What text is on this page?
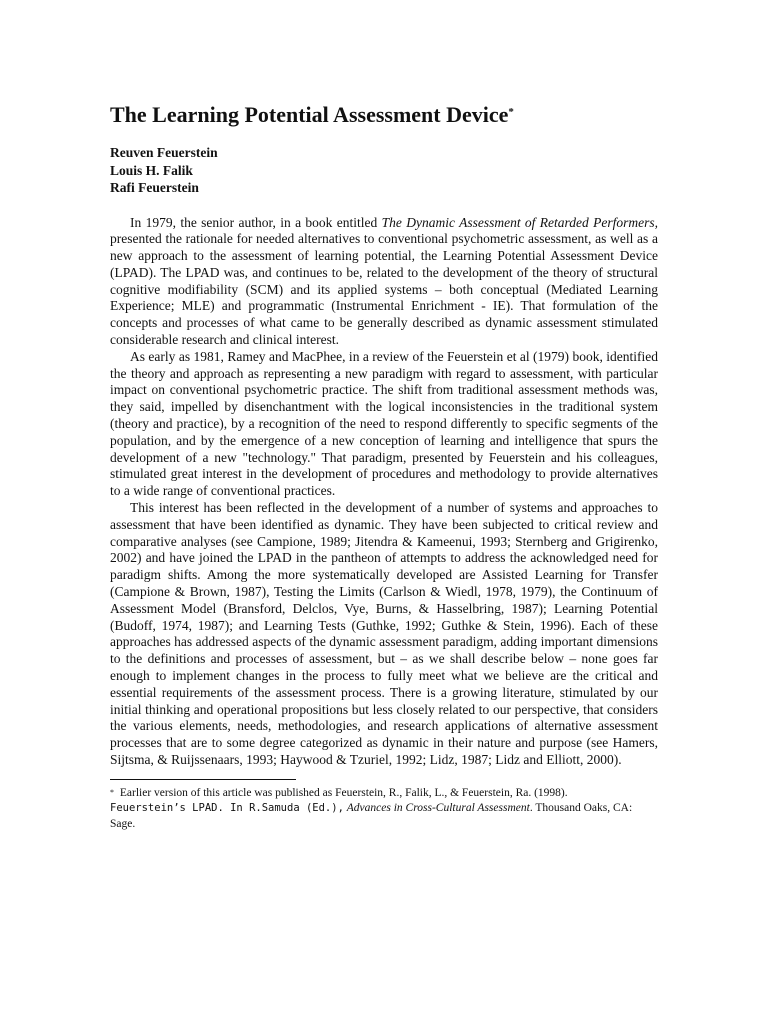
The Learning Potential Assessment Device*
Reuven Feuerstein
Louis H. Falik
Rafi Feuerstein

In 1979, the senior author, in a book entitled The Dynamic Assessment of Retarded Performers, presented the rationale for needed alternatives to conventional psychometric assessment, as well as a new approach to the assessment of learning potential, the Learning Potential Assessment Device (LPAD). The LPAD was, and continues to be, related to the development of the theory of structural cognitive modifiability (SCM) and its applied systems – both conceptual (Mediated Learning Experience; MLE) and programmatic (Instrumental Enrichment - IE). That formulation of the concepts and processes of what came to be generally described as dynamic assessment stimulated considerable research and clinical interest.

As early as 1981, Ramey and MacPhee, in a review of the Feuerstein et al (1979) book, identified the theory and approach as representing a new paradigm with regard to assessment, with particular impact on conventional psychometric practice. The shift from traditional assessment methods was, they said, impelled by disenchantment with the logical inconsistencies in the traditional system (theory and practice), by a recognition of the need to respond differently to specific segments of the population, and by the emergence of a new conception of learning and intelligence that spurs the development of a new "technology." That paradigm, presented by Feuerstein and his colleagues, stimulated great interest in the development of procedures and methodology to provide alternatives to a wide range of conventional practices.

This interest has been reflected in the development of a number of systems and approaches to assessment that have been identified as dynamic. They have been subjected to critical review and comparative analyses (see Campione, 1989; Jitendra & Kameenui, 1993; Sternberg and Grigirenko, 2002) and have joined the LPAD in the pantheon of attempts to address the acknowledged need for paradigm shifts. Among the more systematically developed are Assisted Learning for Transfer (Campione & Brown, 1987), Testing the Limits (Carlson & Wiedl, 1978, 1979), the Continuum of Assessment Model (Bransford, Delclos, Vye, Burns, & Hasselbring, 1987); Learning Potential (Budoff, 1974, 1987); and Learning Tests (Guthke, 1992; Guthke & Stein, 1996). Each of these approaches has addressed aspects of the dynamic assessment paradigm, adding important dimensions to the definitions and processes of assessment, but – as we shall describe below – none goes far enough to implement changes in the process to fully meet what we believe are the critical and essential requirements of the assessment process. There is a growing literature, stimulated by our initial thinking and operational propositions but less closely related to our perspective, that considers the various elements, needs, methodologies, and research applications of alternative assessment processes that are to some degree categorized as dynamic in their nature and purpose (see Hamers, Sijtsma, & Ruijssenaars, 1993; Haywood & Tzuriel, 1992; Lidz, 1987; Lidz and Elliott, 2000).

* Earlier version of this article was published as Feuerstein, R., Falik, L., & Feuerstein, Ra. (1998).
Feuerstein’s LPAD. In R.Samuda (Ed.), Advances in Cross-Cultural Assessment. Thousand Oaks, CA: Sage.
